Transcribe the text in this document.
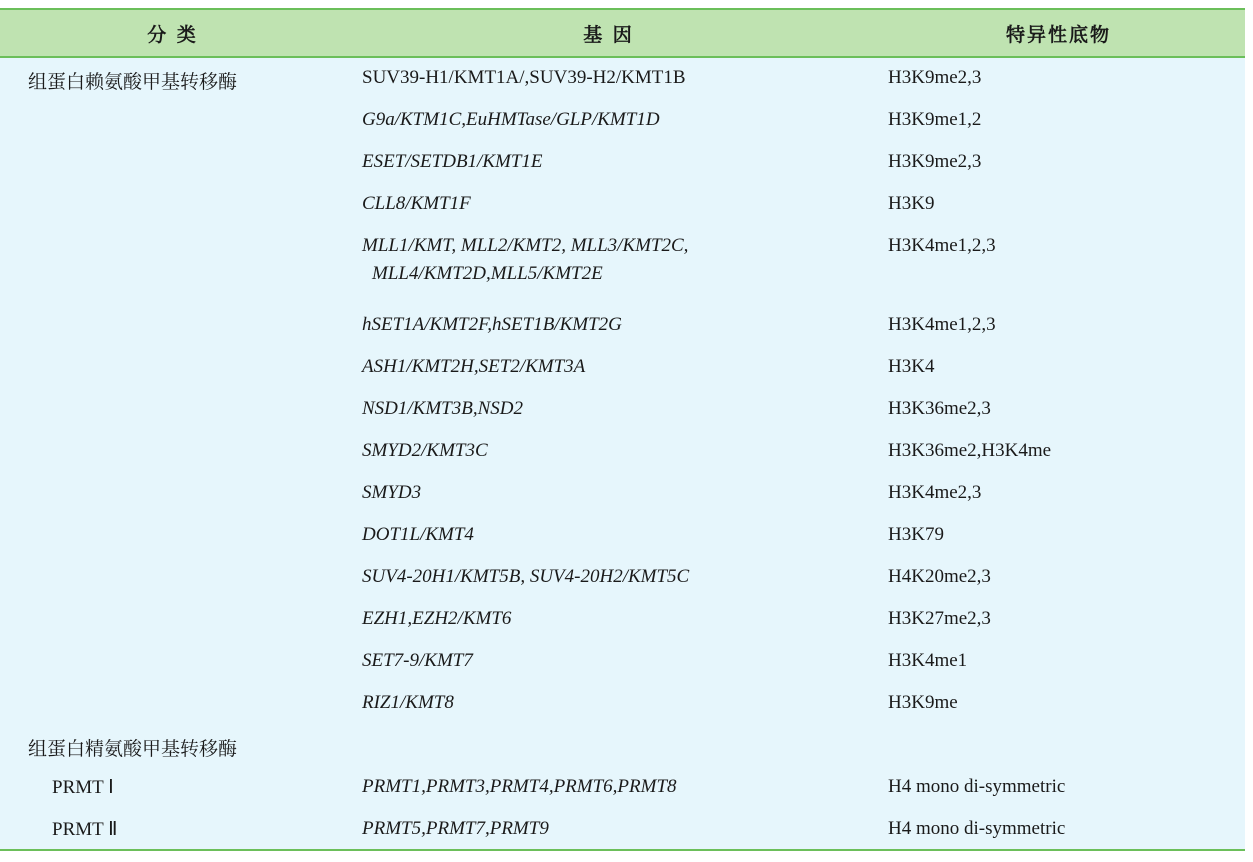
分 类	基 因	特异性底物
组蛋白赖氨酸甲基转移酶	SUV39-H1/KMT1A/,SUV39-H2/KMT1B	H3K9me2,3
	G9a/KTM1C,EuHMTase/GLP/KMT1D	H3K9me1,2
	ESET/SETDB1/KMT1E	H3K9me2,3
	CLL8/KMT1F	H3K9
	MLL1/KMT, MLL2/KMT2, MLL3/KMT2C,
MLL4/KMT2D,MLL5/KMT2E	H3K4me1,2,3
	hSET1A/KMT2F,hSET1B/KMT2G	H3K4me1,2,3
	ASH1/KMT2H,SET2/KMT3A	H3K4
	NSD1/KMT3B,NSD2	H3K36me2,3
	SMYD2/KMT3C	H3K36me2,H3K4me
	SMYD3	H3K4me2,3
	DOT1L/KMT4	H3K79
	SUV4-20H1/KMT5B, SUV4-20H2/KMT5C	H4K20me2,3
	EZH1,EZH2/KMT6	H3K27me2,3
	SET7-9/KMT7	H3K4me1
	RIZ1/KMT8	H3K9me
组蛋白精氨酸甲基转移酶		
PRMT Ⅰ	PRMT1,PRMT3,PRMT4,PRMT6,PRMT8	H4 mono di-symmetric
PRMT Ⅱ	PRMT5,PRMT7,PRMT9	H4 mono di-symmetric
